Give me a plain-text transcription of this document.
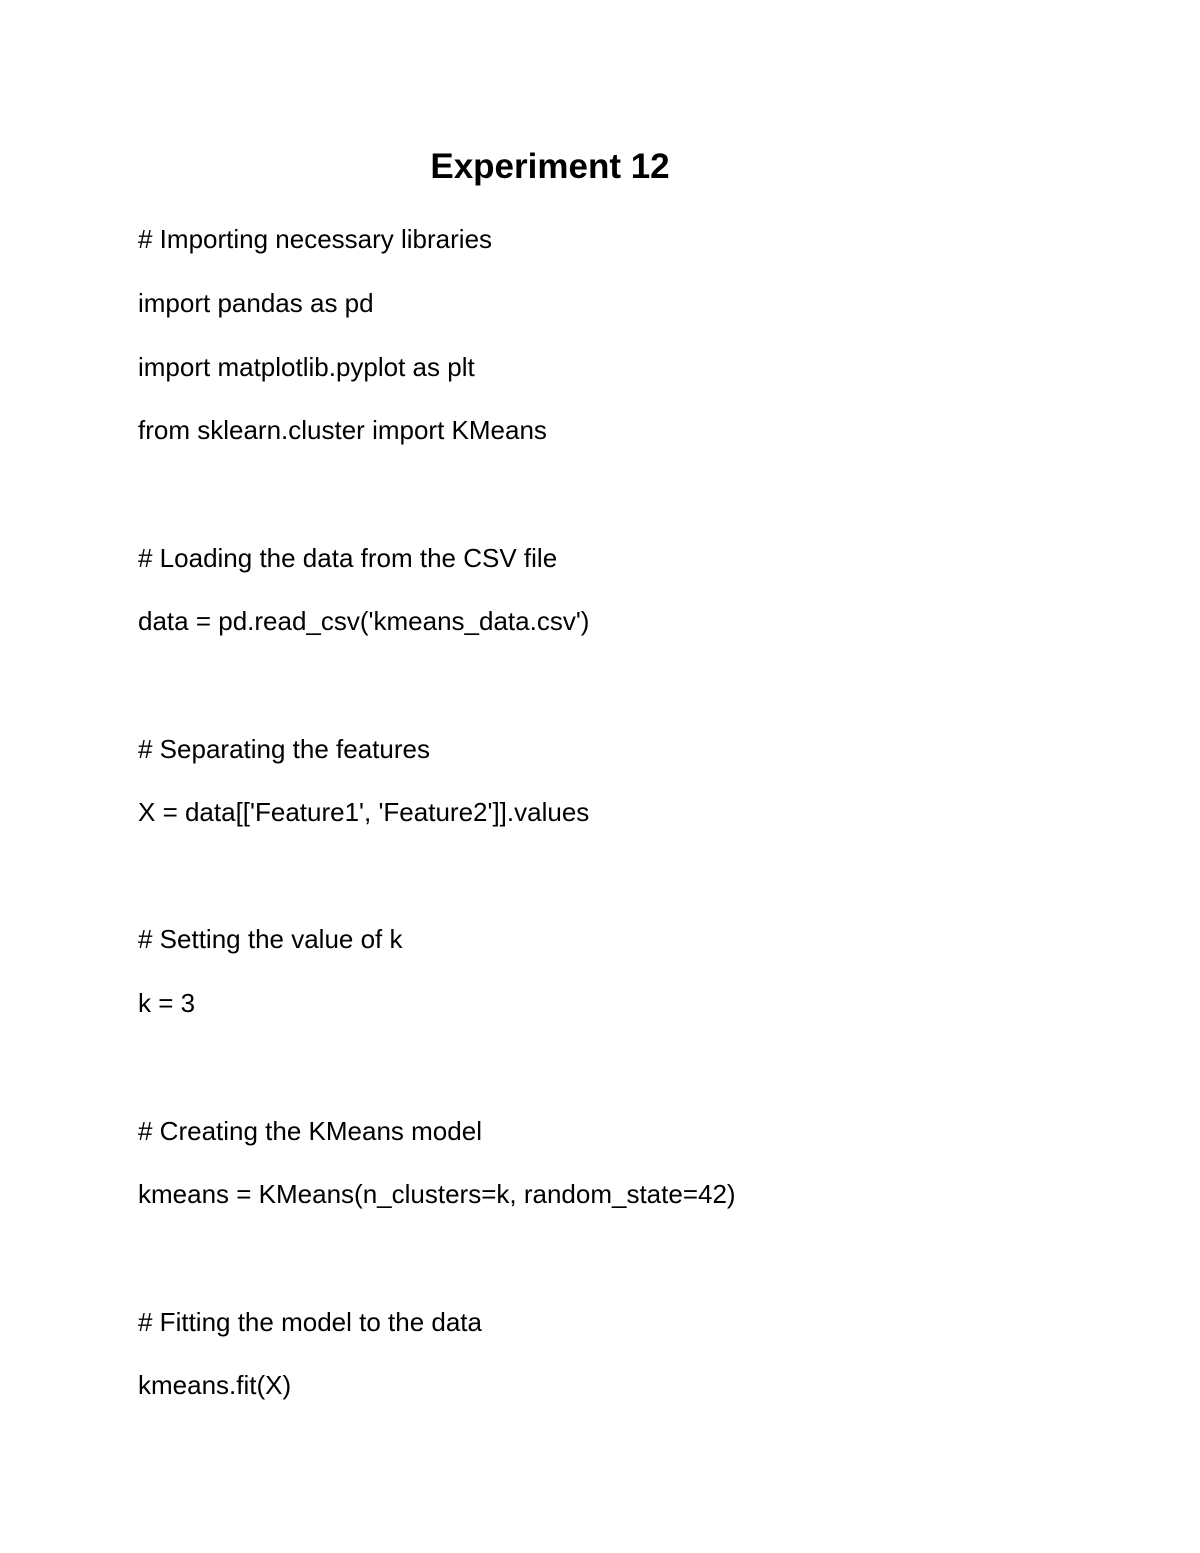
Experiment 12
# Importing necessary libraries
import pandas as pd
import matplotlib.pyplot as plt
from sklearn.cluster import KMeans
# Loading the data from the CSV file
data = pd.read_csv('kmeans_data.csv')
# Separating the features
X = data[['Feature1', 'Feature2']].values
# Setting the value of k
k = 3
# Creating the KMeans model
kmeans = KMeans(n_clusters=k, random_state=42)
# Fitting the model to the data
kmeans.fit(X)
